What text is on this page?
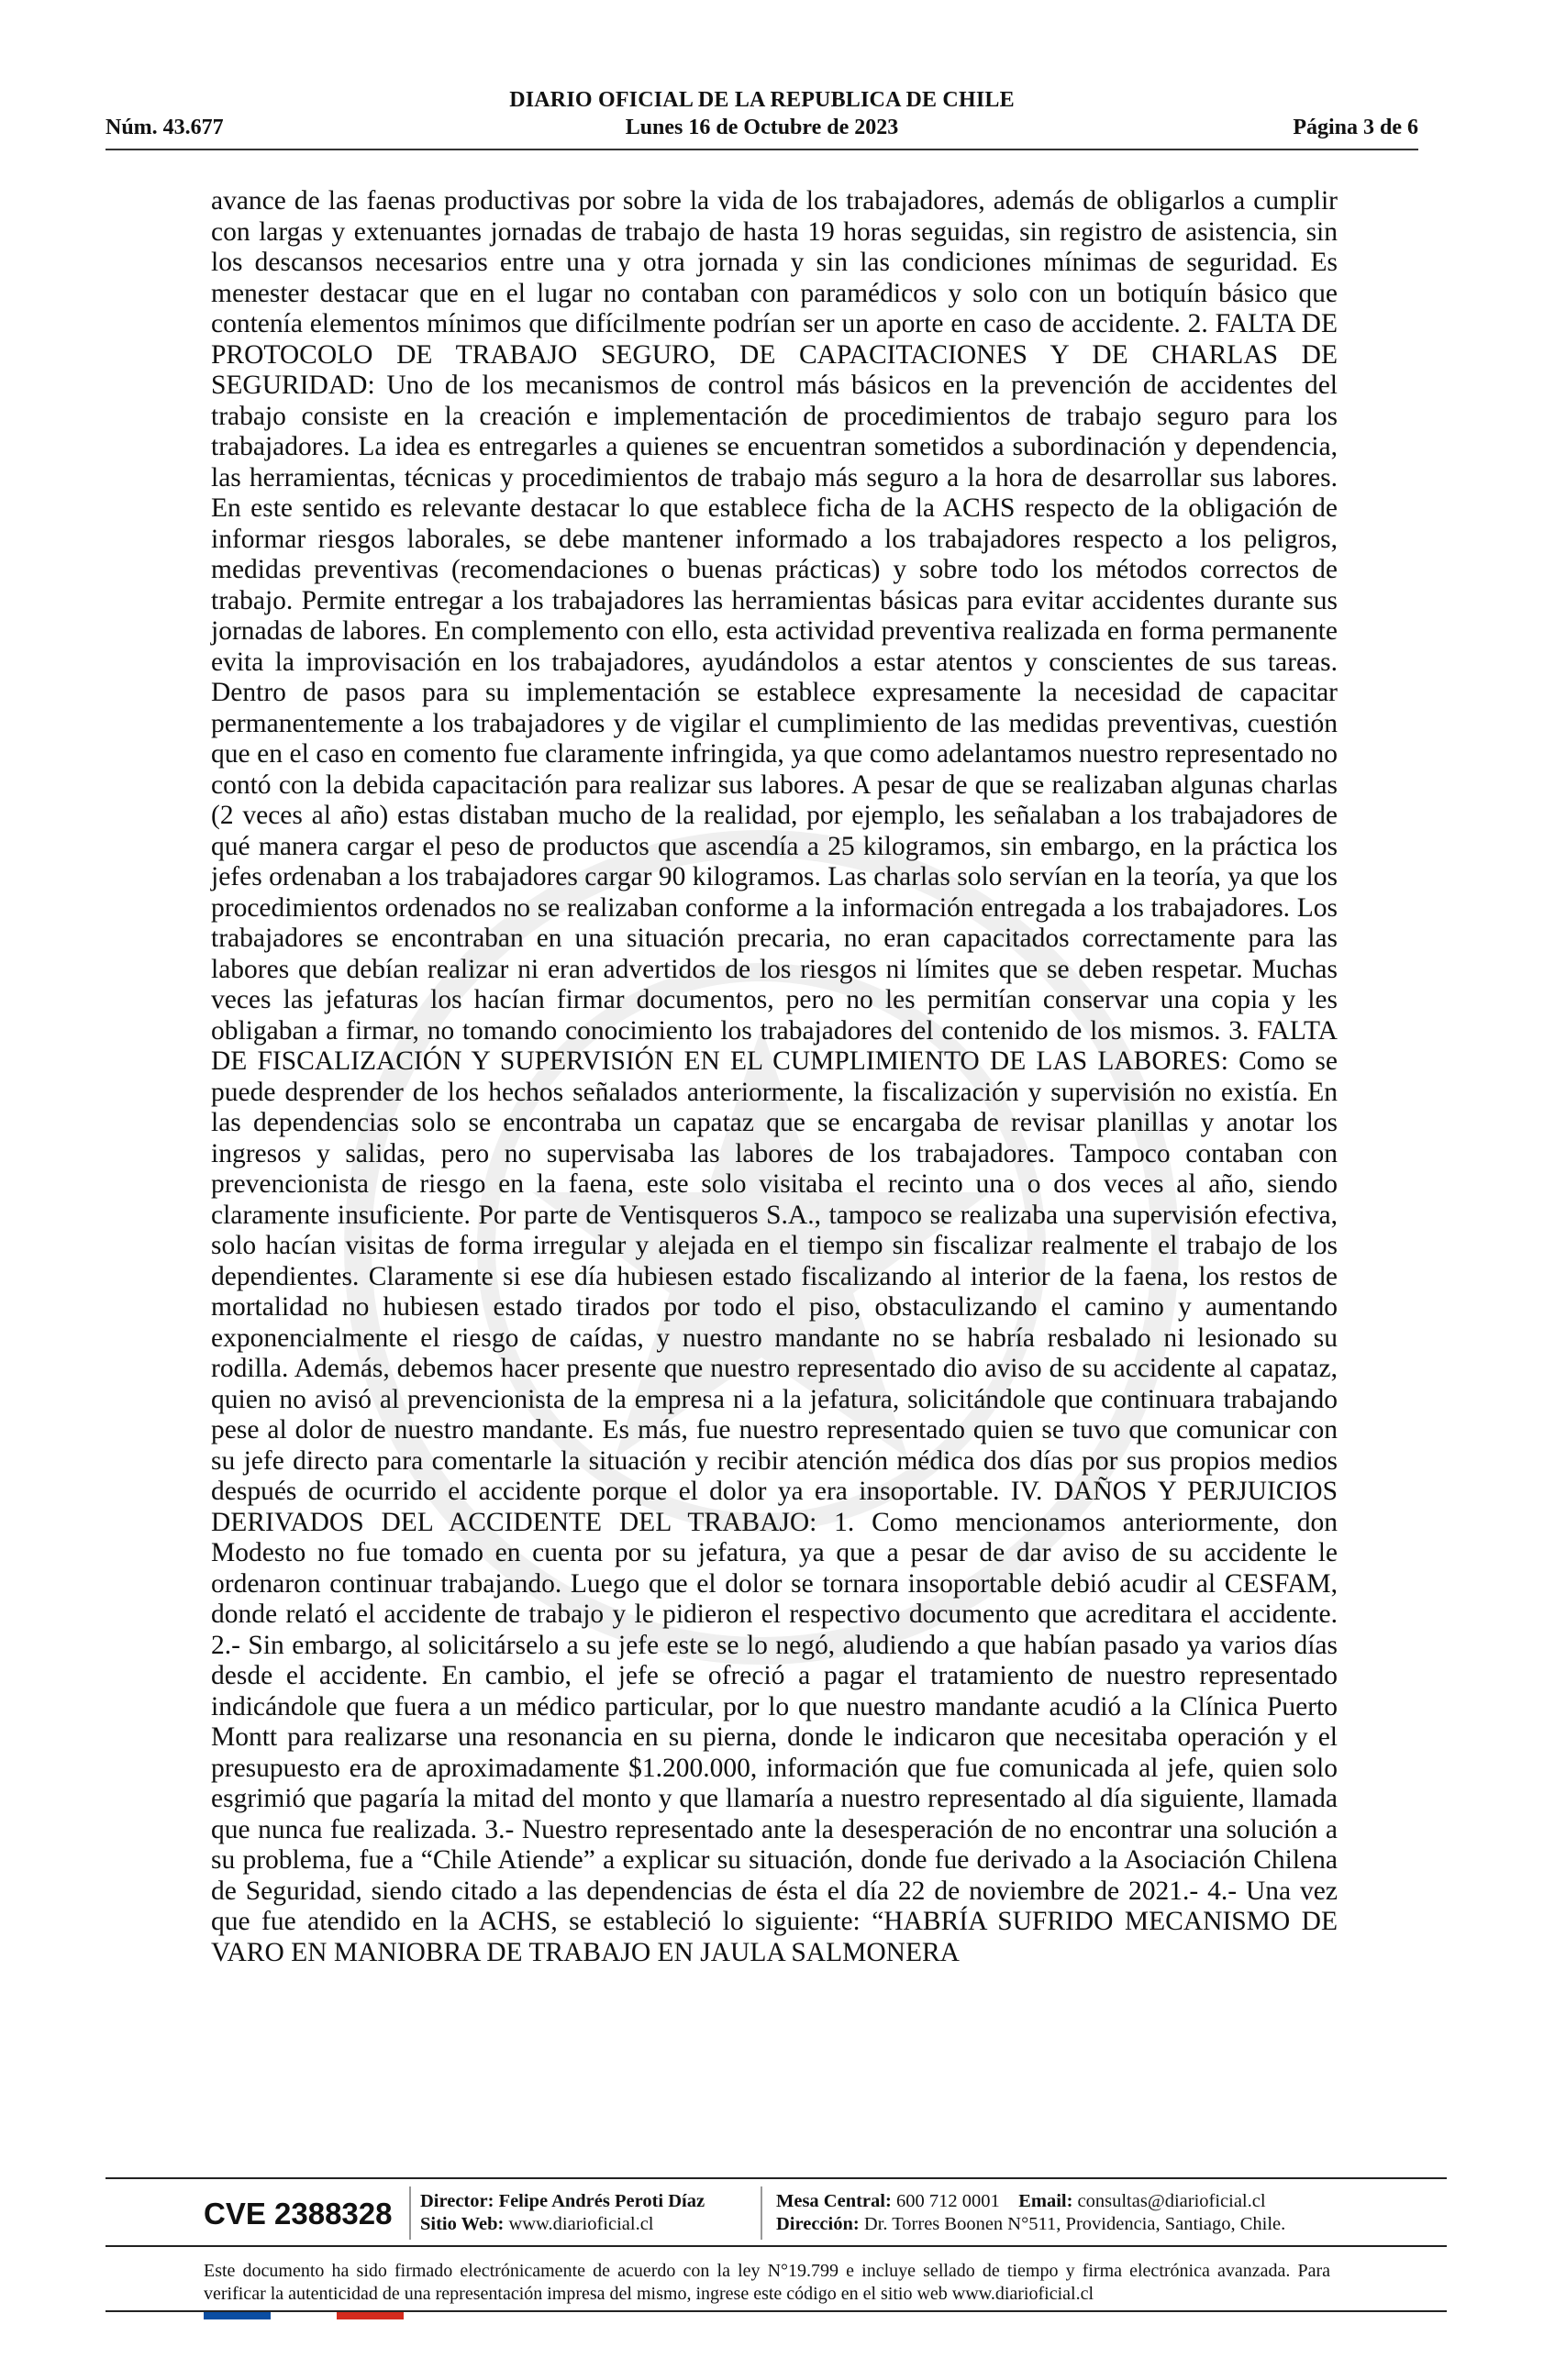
DIARIO OFICIAL DE LA REPUBLICA DE CHILE
Núm. 43.677	Lunes 16 de Octubre de 2023	Página 3 de 6

avance de las faenas productivas por sobre la vida de los trabajadores, además de obligarlos a cumplir con largas y extenuantes jornadas de trabajo de hasta 19 horas seguidas, sin registro de asistencia, sin los descansos necesarios entre una y otra jornada y sin las condiciones mínimas de seguridad. Es menester destacar que en el lugar no contaban con paramédicos y solo con un botiquín básico que contenía elementos mínimos que difícilmente podrían ser un aporte en caso de accidente. 2. FALTA DE PROTOCOLO DE TRABAJO SEGURO, DE CAPACITACIONES Y DE CHARLAS DE SEGURIDAD: Uno de los mecanismos de control más básicos en la prevención de accidentes del trabajo consiste en la creación e implementación de procedimientos de trabajo seguro para los trabajadores. La idea es entregarles a quienes se encuentran sometidos a subordinación y dependencia, las herramientas, técnicas y procedimientos de trabajo más seguro a la hora de desarrollar sus labores. En este sentido es relevante destacar lo que establece ficha de la ACHS respecto de la obligación de informar riesgos laborales, se debe mantener informado a los trabajadores respecto a los peligros, medidas preventivas (recomendaciones o buenas prácticas) y sobre todo los métodos correctos de trabajo. Permite entregar a los trabajadores las herramientas básicas para evitar accidentes durante sus jornadas de labores. En complemento con ello, esta actividad preventiva realizada en forma permanente evita la improvisación en los trabajadores, ayudándolos a estar atentos y conscientes de sus tareas. Dentro de pasos para su implementación se establece expresamente la necesidad de capacitar permanentemente a los trabajadores y de vigilar el cumplimiento de las medidas preventivas, cuestión que en el caso en comento fue claramente infringida, ya que como adelantamos nuestro representado no contó con la debida capacitación para realizar sus labores. A pesar de que se realizaban algunas charlas (2 veces al año) estas distaban mucho de la realidad, por ejemplo, les señalaban a los trabajadores de qué manera cargar el peso de productos que ascendía a 25 kilogramos, sin embargo, en la práctica los jefes ordenaban a los trabajadores cargar 90 kilogramos. Las charlas solo servían en la teoría, ya que los procedimientos ordenados no se realizaban conforme a la información entregada a los trabajadores. Los trabajadores se encontraban en una situación precaria, no eran capacitados correctamente para las labores que debían realizar ni eran advertidos de los riesgos ni límites que se deben respetar. Muchas veces las jefaturas los hacían firmar documentos, pero no les permitían conservar una copia y les obligaban a firmar, no tomando conocimiento los trabajadores del contenido de los mismos. 3. FALTA DE FISCALIZACIÓN Y SUPERVISIÓN EN EL CUMPLIMIENTO DE LAS LABORES: Como se puede desprender de los hechos señalados anteriormente, la fiscalización y supervisión no existía. En las dependencias solo se encontraba un capataz que se encargaba de revisar planillas y anotar los ingresos y salidas, pero no supervisaba las labores de los trabajadores. Tampoco contaban con prevencionista de riesgo en la faena, este solo visitaba el recinto una o dos veces al año, siendo claramente insuficiente. Por parte de Ventisqueros S.A., tampoco se realizaba una supervisión efectiva, solo hacían visitas de forma irregular y alejada en el tiempo sin fiscalizar realmente el trabajo de los dependientes. Claramente si ese día hubiesen estado fiscalizando al interior de la faena, los restos de mortalidad no hubiesen estado tirados por todo el piso, obstaculizando el camino y aumentando exponencialmente el riesgo de caídas, y nuestro mandante no se habría resbalado ni lesionado su rodilla. Además, debemos hacer presente que nuestro representado dio aviso de su accidente al capataz, quien no avisó al prevencionista de la empresa ni a la jefatura, solicitándole que continuara trabajando pese al dolor de nuestro mandante. Es más, fue nuestro representado quien se tuvo que comunicar con su jefe directo para comentarle la situación y recibir atención médica dos días por sus propios medios después de ocurrido el accidente porque el dolor ya era insoportable. IV. DAÑOS Y PERJUICIOS DERIVADOS DEL ACCIDENTE DEL TRABAJO: 1. Como mencionamos anteriormente, don Modesto no fue tomado en cuenta por su jefatura, ya que a pesar de dar aviso de su accidente le ordenaron continuar trabajando. Luego que el dolor se tornara insoportable debió acudir al CESFAM, donde relató el accidente de trabajo y le pidieron el respectivo documento que acreditara el accidente. 2.- Sin embargo, al solicitárselo a su jefe este se lo negó, aludiendo a que habían pasado ya varios días desde el accidente. En cambio, el jefe se ofreció a pagar el tratamiento de nuestro representado indicándole que fuera a un médico particular, por lo que nuestro mandante acudió a la Clínica Puerto Montt para realizarse una resonancia en su pierna, donde le indicaron que necesitaba operación y el presupuesto era de aproximadamente $1.200.000, información que fue comunicada al jefe, quien solo esgrimió que pagaría la mitad del monto y que llamaría a nuestro representado al día siguiente, llamada que nunca fue realizada. 3.- Nuestro representado ante la desesperación de no encontrar una solución a su problema, fue a “Chile Atiende” a explicar su situación, donde fue derivado a la Asociación Chilena de Seguridad, siendo citado a las dependencias de ésta el día 22 de noviembre de 2021.- 4.- Una vez que fue atendido en la ACHS, se estableció lo siguiente: “HABRÍA SUFRIDO MECANISMO DE VARO EN MANIOBRA DE TRABAJO EN JAULA SALMONERA

CVE 2388328	Director: Felipe Andrés Peroti Díaz
Sitio Web: www.diarioficial.cl
Mesa Central: 600 712 0001 Email: consultas@diarioficial.cl
Dirección: Dr. Torres Boonen N°511, Providencia, Santiago, Chile.
Este documento ha sido firmado electrónicamente de acuerdo con la ley N°19.799 e incluye sellado de tiempo y firma electrónica avanzada. Para verificar la autenticidad de una representación impresa del mismo, ingrese este código en el sitio web www.diarioficial.cl
